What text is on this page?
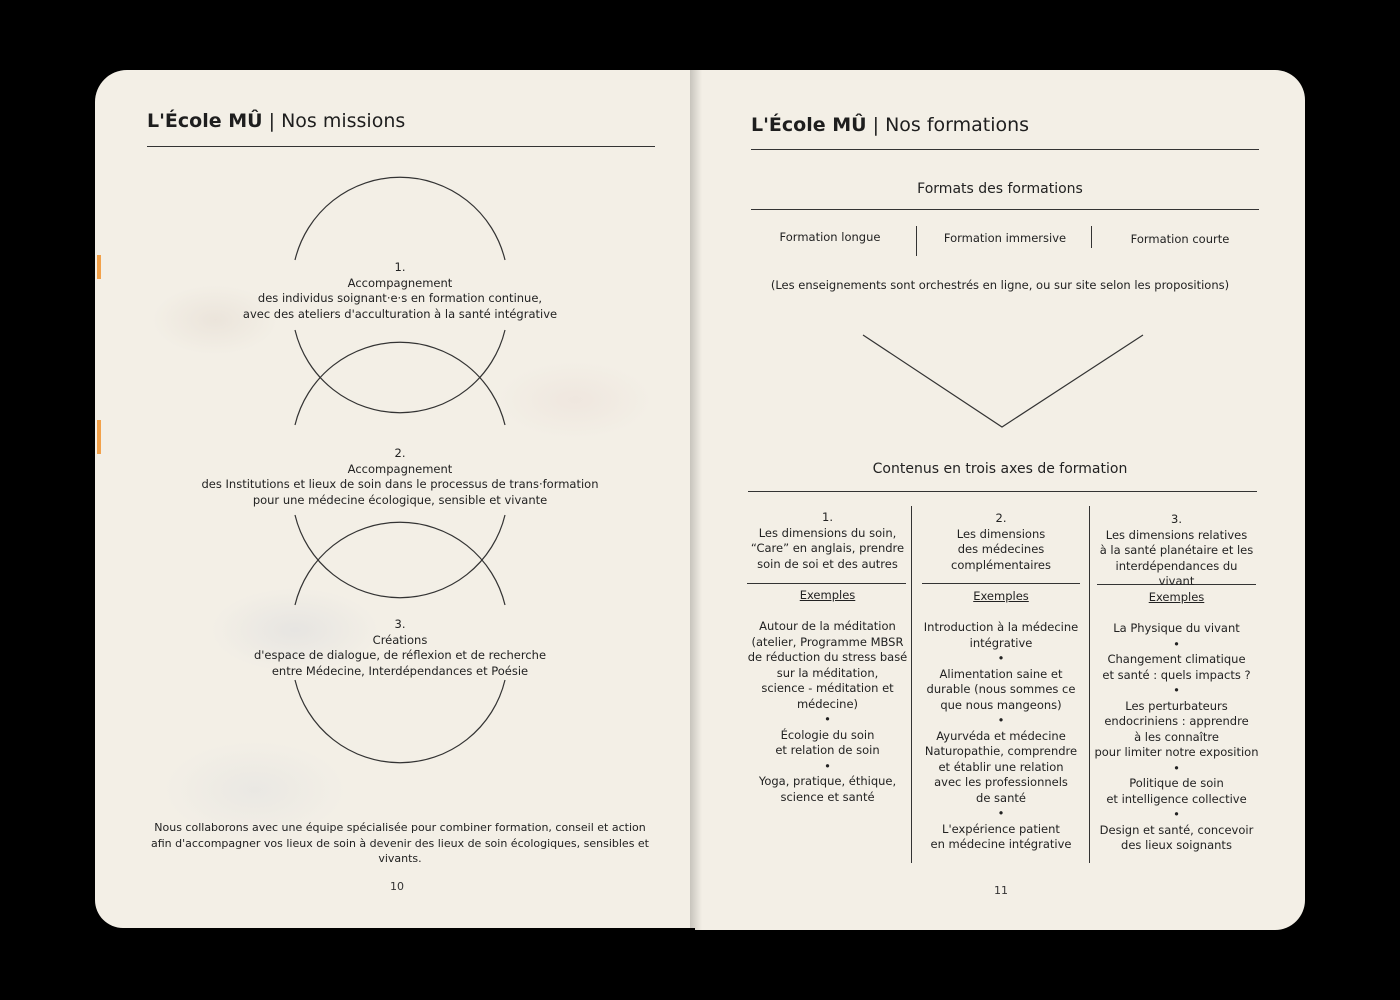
L'École MÛ | Nos missions
1.
Accompagnement
des individus soignant·e·s en formation continue,
avec des ateliers d'acculturation à la santé intégrative
2.
Accompagnement
des Institutions et lieux de soin dans le processus de trans·formation
pour une médecine écologique, sensible et vivante
3.
Créations
d'espace de dialogue, de réflexion et de recherche
entre Médecine, Interdépendances et Poésie
Nous collaborons avec une équipe spécialisée pour combiner formation, conseil et action
afin d'accompagner vos lieux de soin à devenir des lieux de soin écologiques, sensibles et vivants.
10
L'École MÛ | Nos formations
Formats des formations
Formation longue	Formation immersive	Formation courte
(Les enseignements sont orchestrés en ligne, ou sur site selon les propositions)
Contenus en trois axes de formation
1.
Les dimensions du soin,
“Care” en anglais, prendre
soin de soi et des autres
Exemples
Autour de la méditation
(atelier, Programme MBSR
de réduction du stress basé
sur la méditation,
science - méditation et
médecine)
•
Écologie du soin
et relation de soin
•
Yoga, pratique, éthique,
science et santé
2.
Les dimensions
des médecines
complémentaires
Exemples
Introduction à la médecine
intégrative
•
Alimentation saine et
durable (nous sommes ce
que nous mangeons)
•
Ayurvéda et médecine
Naturopathie, comprendre
et établir une relation
avec les professionnels
de santé
•
L'expérience patient
en médecine intégrative
3.
Les dimensions relatives
à la santé planétaire et les
interdépendances du vivant
Exemples
La Physique du vivant
•
Changement climatique
et santé : quels impacts ?
•
Les perturbateurs
endocriniens : apprendre
à les connaître
pour limiter notre exposition
•
Politique de soin
et intelligence collective
•
Design et santé, concevoir
des lieux soignants
11
